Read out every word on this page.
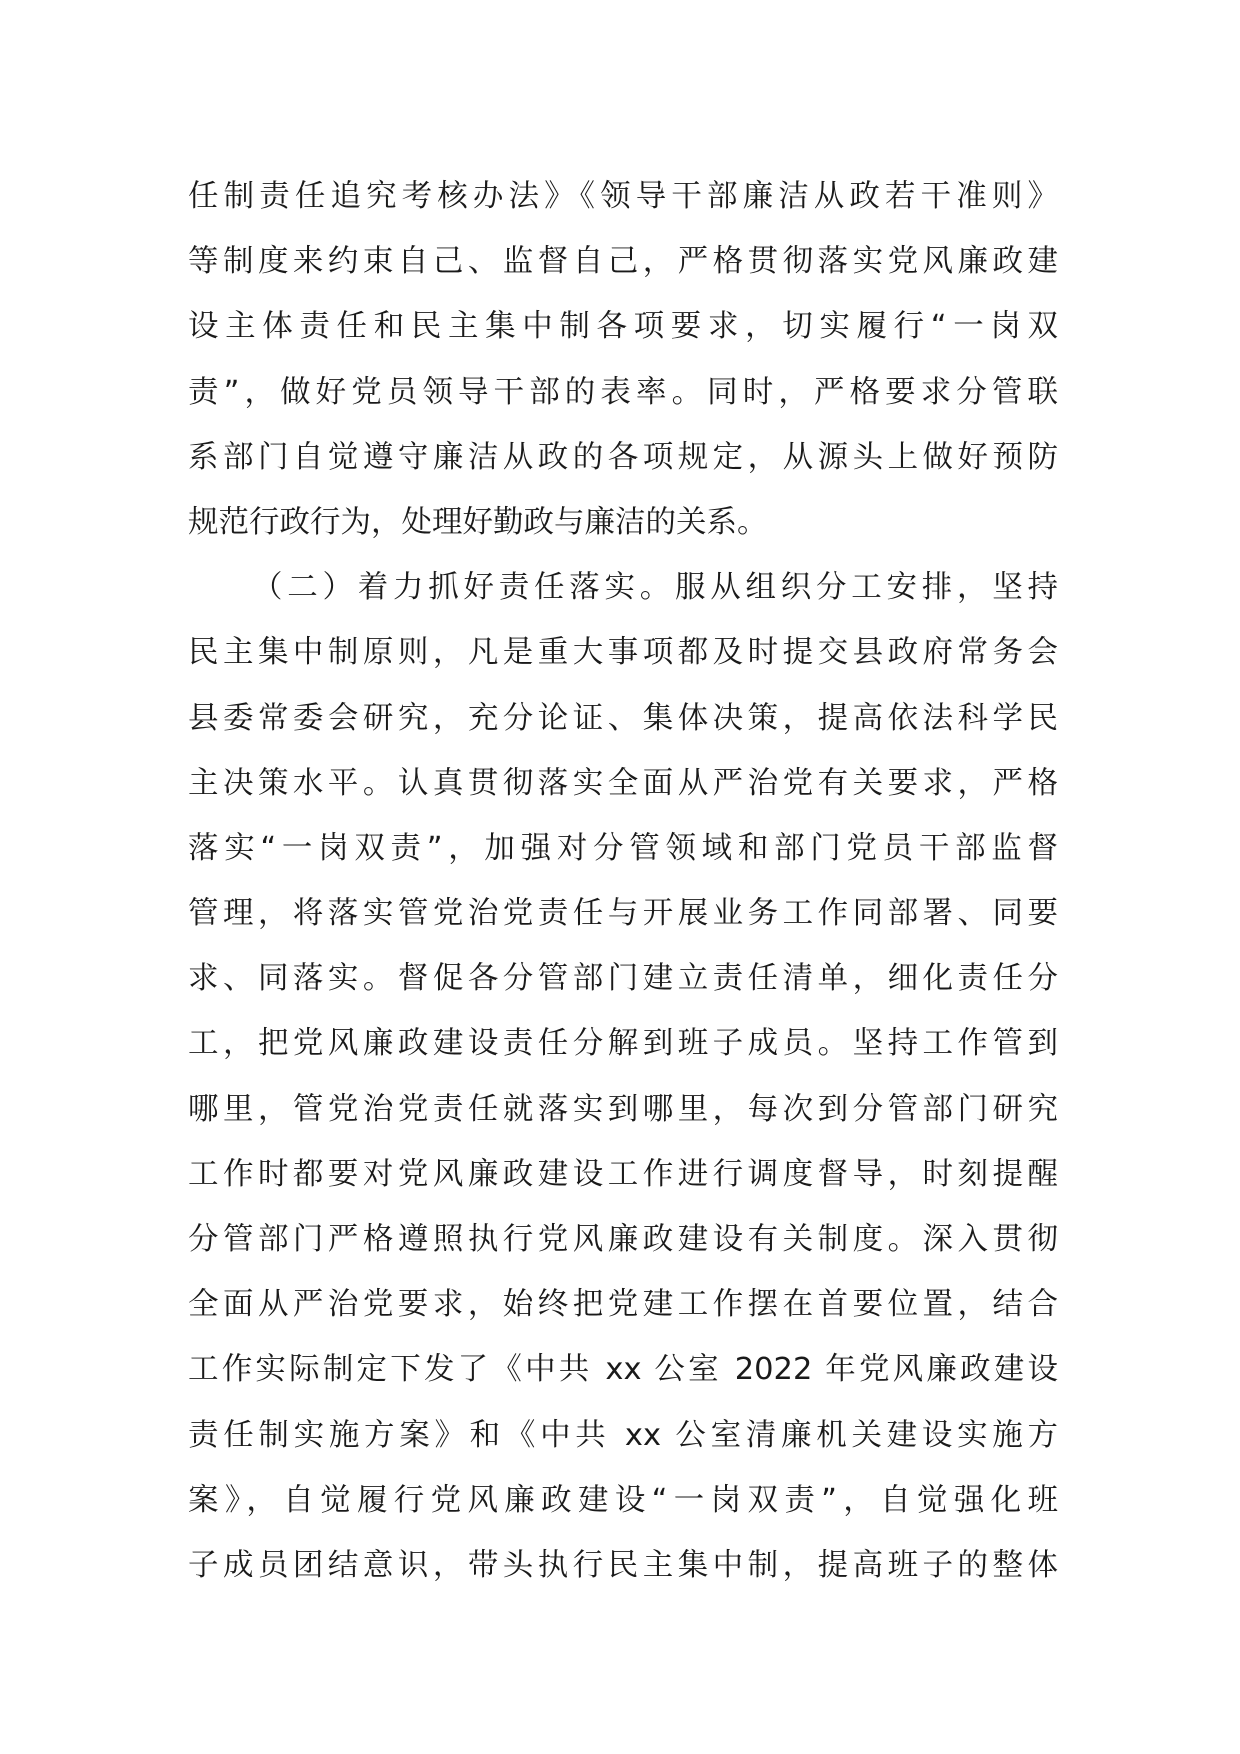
任制责任追究考核办法》《领导干部廉洁从政若干准则》
等制度来约束自己、监督自己，严格贯彻落实党风廉政建
设主体责任和民主集中制各项要求，切实履行“一岗双
责”，做好党员领导干部的表率。同时，严格要求分管联
系部门自觉遵守廉洁从政的各项规定，从源头上做好预防
规范行政行为，处理好勤政与廉洁的关系。
（二）着力抓好责任落实。服从组织分工安排，坚持
民主集中制原则，凡是重大事项都及时提交县政府常务会
县委常委会研究，充分论证、集体决策，提高依法科学民
主决策水平。认真贯彻落实全面从严治党有关要求，严格
落实“一岗双责”，加强对分管领域和部门党员干部监督
管理，将落实管党治党责任与开展业务工作同部署、同要
求、同落实。督促各分管部门建立责任清单，细化责任分
工，把党风廉政建设责任分解到班子成员。坚持工作管到
哪里，管党治党责任就落实到哪里，每次到分管部门研究
工作时都要对党风廉政建设工作进行调度督导，时刻提醒
分管部门严格遵照执行党风廉政建设有关制度。深入贯彻
全面从严治党要求，始终把党建工作摆在首要位置，结合
工作实际制定下发了《中共 xx 公室 2022 年党风廉政建设
责任制实施方案》和《中共 xx 公室清廉机关建设实施方
案》，自觉履行党风廉政建设“一岗双责”，自觉强化班
子成员团结意识，带头执行民主集中制，提高班子的整体
